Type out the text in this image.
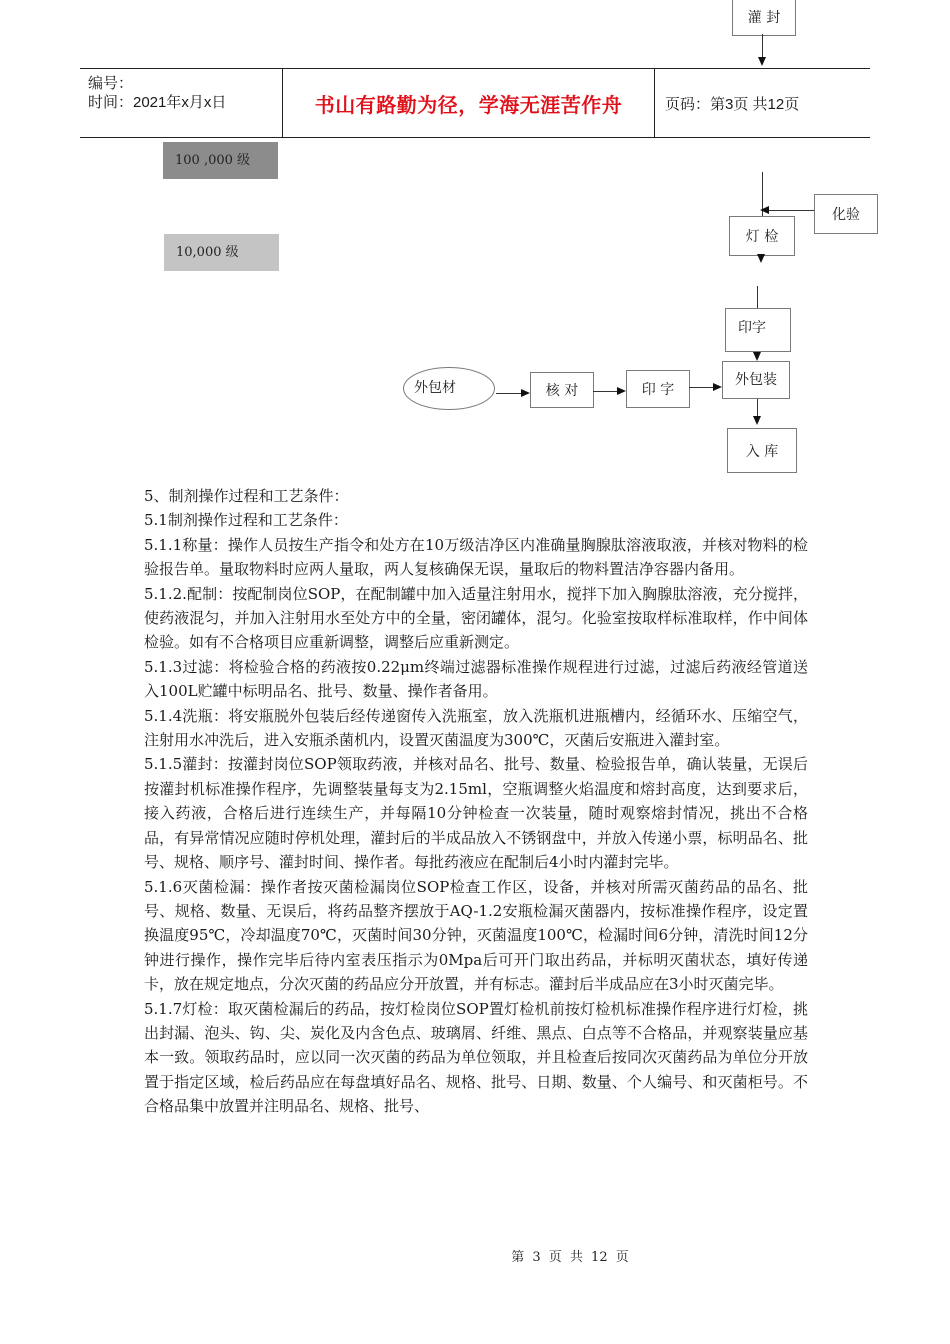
灌 封
编号：
时间：2021年x月x日	书山有路勤为径，学海无涯苦作舟	页码：第3页 共12页
100 ,000 级
10,000 级
化验
灯 检
印字
外包装
入 库
外包材	核 对	印 字

5、制剂操作过程和工艺条件：

5.1制剂操作过程和工艺条件：

5.1.1称量：操作人员按生产指令和处方在10万级洁净区内准确量胸腺肽溶液取液，并核对物料的检验报告单。量取物料时应两人量取，两人复核确保无误，量取后的物料置洁净容器内备用。

5.1.2.配制：按配制岗位SOP，在配制罐中加入适量注射用水，搅拌下加入胸腺肽溶液，充分搅拌，使药液混匀，并加入注射用水至处方中的全量，密闭罐体，混匀。化验室按取样标准取样，作中间体检验。如有不合格项目应重新调整，调整后应重新测定。

5.1.3过滤：将检验合格的药液按0.22μm终端过滤器标准操作规程进行过滤，过滤后药液经管道送入100L贮罐中标明品名、批号、数量、操作者备用。

5.1.4洗瓶：将安瓶脱外包装后经传递窗传入洗瓶室，放入洗瓶机进瓶槽内，经循环水、压缩空气，注射用水冲洗后，进入安瓶杀菌机内，设置灭菌温度为300℃，灭菌后安瓶进入灌封室。

5.1.5灌封：按灌封岗位SOP领取药液，并核对品名、批号、数量、检验报告单，确认装量，无误后按灌封机标准操作程序，先调整装量每支为2.15ml，空瓶调整火焰温度和熔封高度，达到要求后，接入药液，合格后进行连续生产，并每隔10分钟检查一次装量，随时观察熔封情况，挑出不合格品，有异常情况应随时停机处理，灌封后的半成品放入不锈钢盘中，并放入传递小票，标明品名、批号、规格、顺序号、灌封时间、操作者。每批药液应在配制后4小时内灌封完毕。

5.1.6灭菌检漏：操作者按灭菌检漏岗位SOP检查工作区，设备，并核对所需灭菌药品的品名、批号、规格、数量、无误后，将药品整齐摆放于AQ-1.2安瓶检漏灭菌器内，按标准操作程序，设定置换温度95℃，冷却温度70℃，灭菌时间30分钟，灭菌温度100℃，检漏时间6分钟，清洗时间12分钟进行操作，操作完毕后待内室表压指示为0Mpa后可开门取出药品，并标明灭菌状态，填好传递卡，放在规定地点，分次灭菌的药品应分开放置，并有标志。灌封后半成品应在3小时灭菌完毕。

5.1.7灯检：取灭菌检漏后的药品，按灯检岗位SOP置灯检机前按灯检机标准操作程序进行灯检，挑出封漏、泡头、钩、尖、炭化及内含色点、玻璃屑、纤维、黑点、白点等不合格品，并观察装量应基本一致。领取药品时，应以同一次灭菌的药品为单位领取，并且检查后按同次灭菌药品为单位分开放置于指定区域，检后药品应在每盘填好品名、规格、批号、日期、数量、个人编号、和灭菌柜号。不合格品集中放置并注明品名、规格、批号、

第 3 页 共 12 页
